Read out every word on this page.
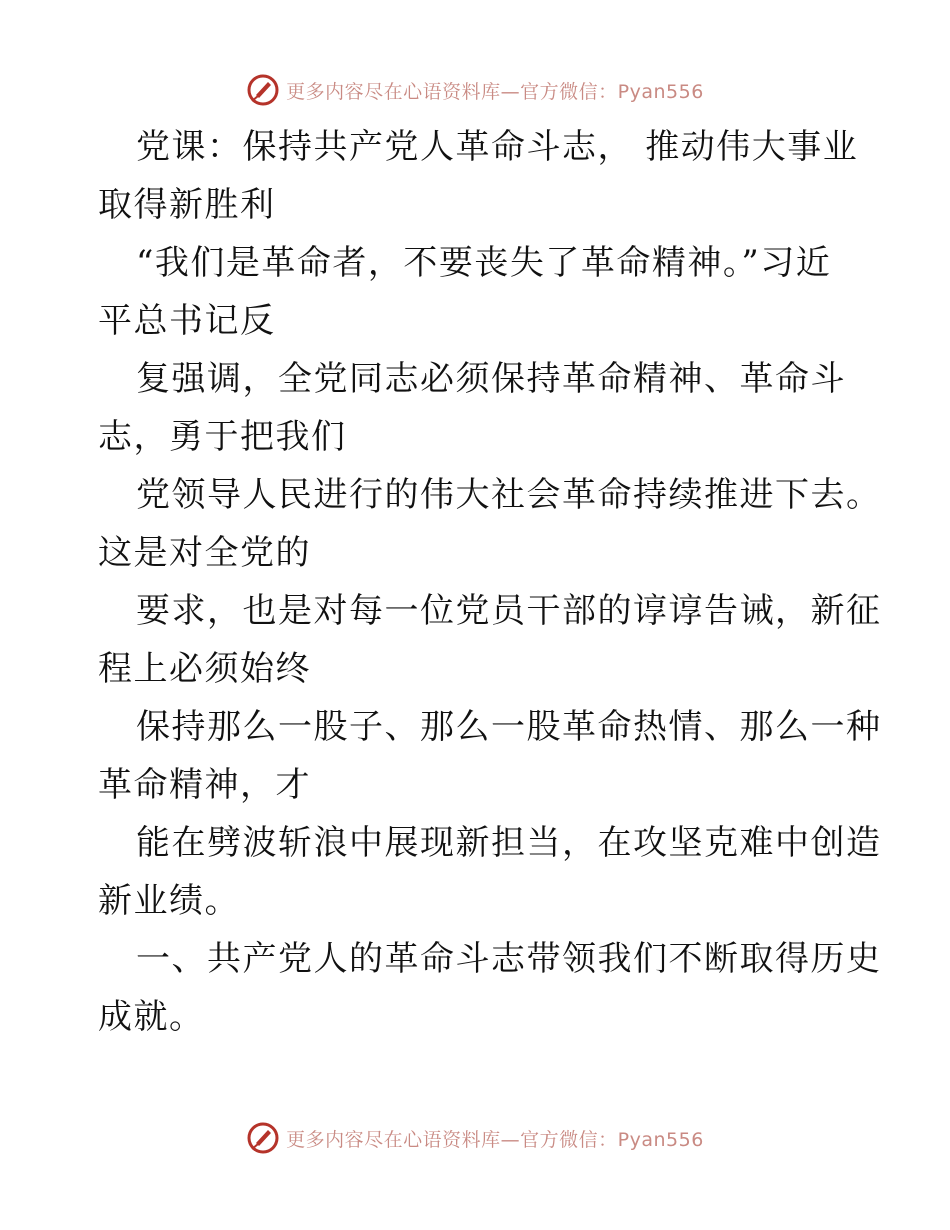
更多内容尽在心语资料库—官方微信：Pyan556

党课：保持共产党人革命斗志， 推动伟大事业

取得新胜利

“我们是革命者，不要丧失了革命精神。”习近

平总书记反

复强调，全党同志必须保持革命精神、革命斗

志，勇于把我们

党领导人民进行的伟大社会革命持续推进下去。

这是对全党的

要求，也是对每一位党员干部的谆谆告诫，新征

程上必须始终

保持那么一股子、那么一股革命热情、那么一种

革命精神，才

能在劈波斩浪中展现新担当，在攻坚克难中创造

新业绩。

一、共产党人的革命斗志带领我们不断取得历史

成就。

更多内容尽在心语资料库—官方微信：Pyan556
